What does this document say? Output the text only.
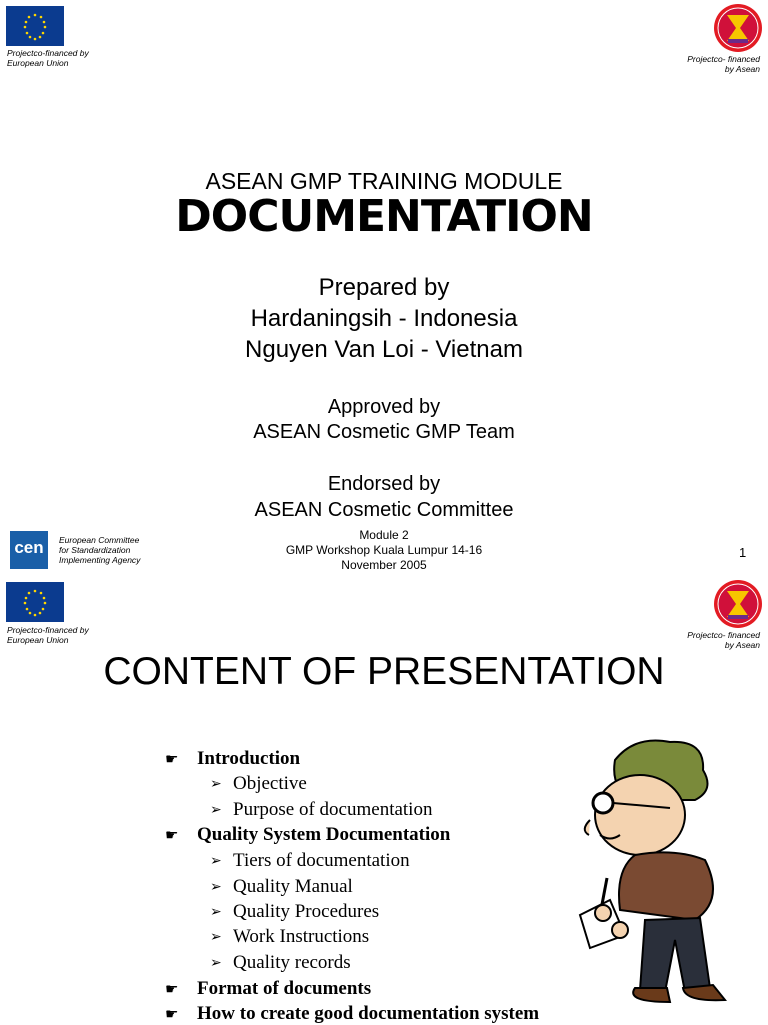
Projectco-financed by
European Union	Projectco- financed
by Asean
ASEAN GMP TRAINING MODULE
DOCUMENTATION
Prepared by
Hardaningsih - Indonesia
Nguyen Van Loi - Vietnam
Approved by
ASEAN Cosmetic GMP Team
Endorsed by
ASEAN Cosmetic Committee
cen	European Committee
for Standardization
Implementing Agency
Module 2
GMP Workshop Kuala Lumpur 14-16
November 2005
1
Projectco-financed by
European Union	Projectco- financed
by Asean
CONTENT OF PRESENTATION
☛ Introduction
➢ Objective
➢ Purpose of documentation
☛ Quality System Documentation
➢ Tiers of documentation
➢ Quality Manual
➢ Quality Procedures
➢ Work Instructions
➢ Quality records
☛ Format of documents
☛ How to create good documentation system
